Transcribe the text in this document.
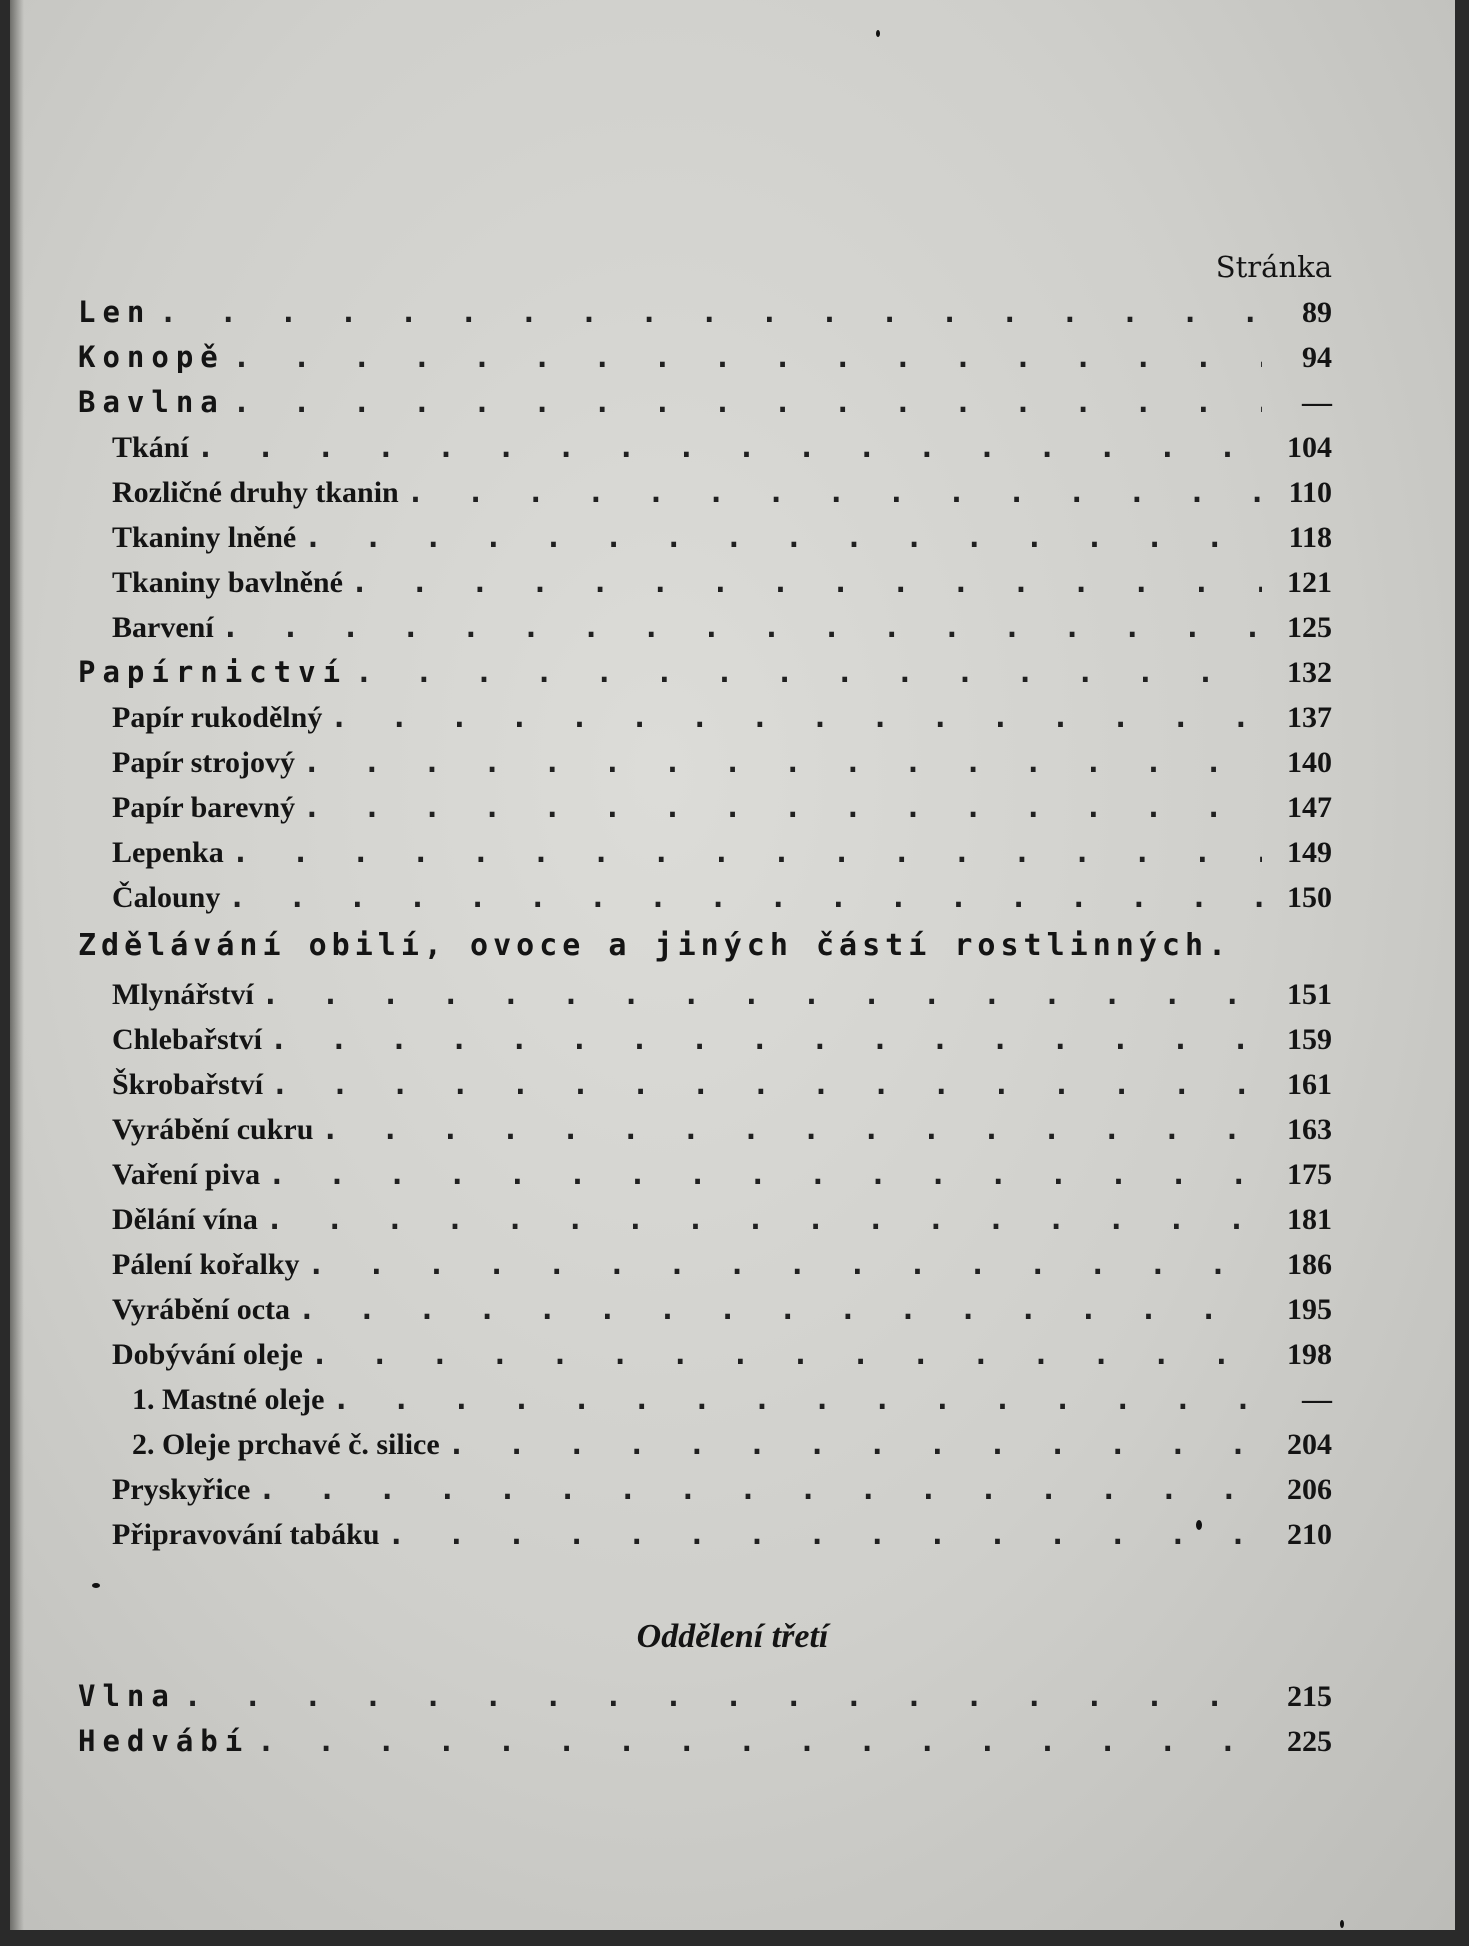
Stránka
Len . . .	89
Konopě . . .	94
Bavlna . . .	—
Tkání . . .	104
Rozličné druhy tkanin . . .	110
Tkaniny lněné . . .	118
Tkaniny bavlněné . . .	121
Barvení . . .	125
Papírnictví . . .	132
Papír rukodělný . . .	137
Papír strojový . . .	140
Papír barevný . . .	147
Lepenka . . .	149
Čalouny . . .	150
Zdělávání obilí, ovoce a jiných částí rostlinných.
Mlynářství . . .	151
Chlebařství . . .	159
Škrobařství . . .	161
Vyrábění cukru . . .	163
Vaření piva . . .	175
Dělání vína . . .	181
Pálení kořalky . . .	186
Vyrábění octa . . .	195
Dobývání oleje . . .	198
1. Mastné oleje . . .	—
2. Oleje prchavé č. silice . . .	204
Pryskyřice . . .	206
Připravování tabáku . . .	210
Oddělení třetí
Vlna . . .	215
Hedvábí . . .	225
